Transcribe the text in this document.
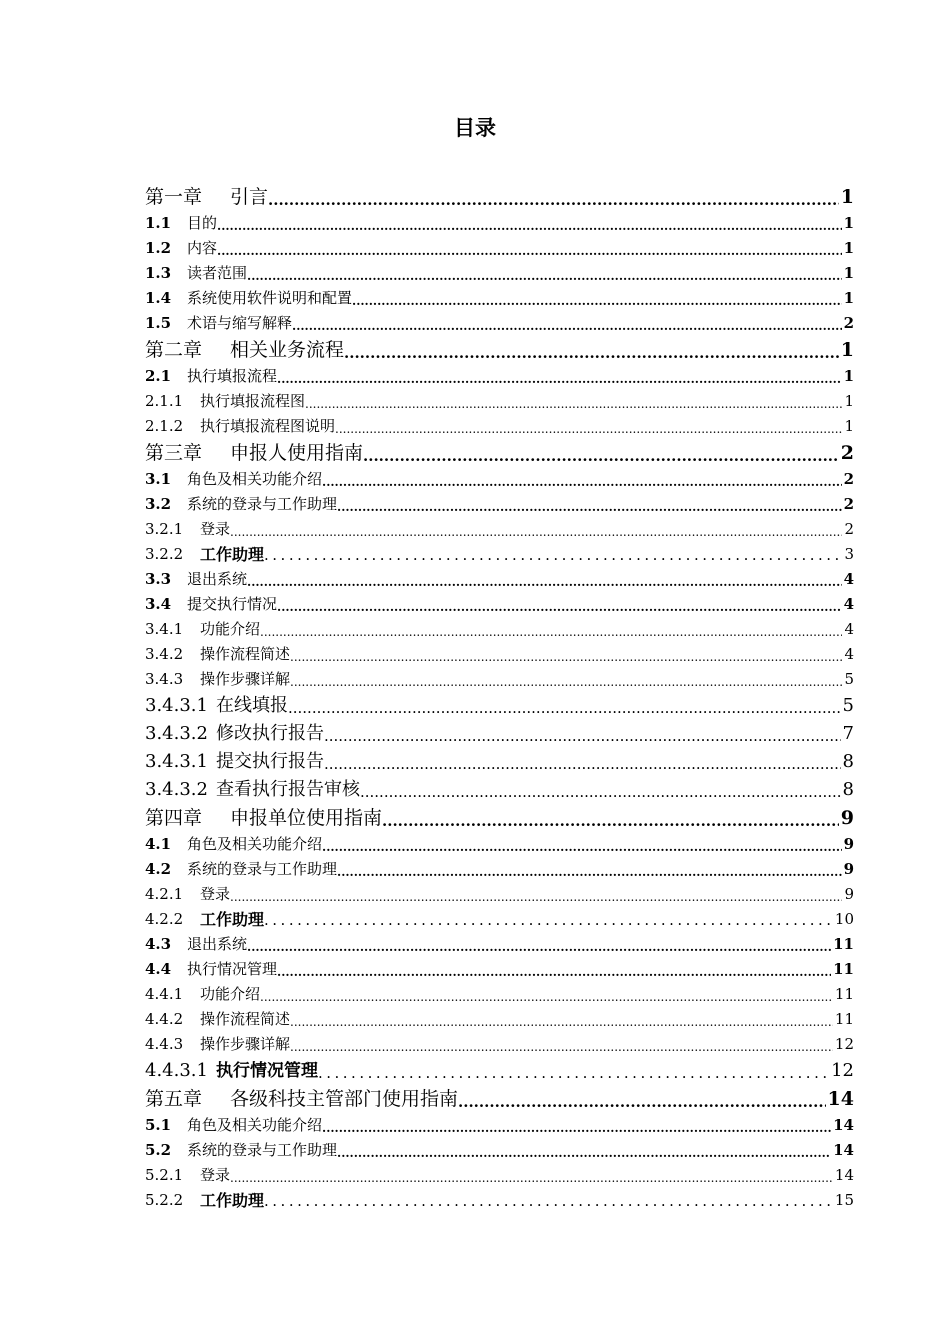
目录
第一章	引言 .....	1
1.1	目的 .....	1
1.2	内容 .....	1
1.3	读者范围 .....	1
1.4	系统使用软件说明和配置 .....	1
1.5	术语与缩写解释 .....	2
第二章	相关业务流程 .....	1
2.1	执行填报流程 .....	1
2.1.1	执行填报流程图 .....	1
2.1.2	执行填报流程图说明 .....	1
第三章	申报人使用指南 .....	2
3.1	角色及相关功能介绍 .....	2
3.2	系统的登录与工作助理 .....	2
3.2.1	登录 .....	2
3.2.2	工作助理 .....	3
3.3	退出系统 .....	4
3.4	提交执行情况 .....	4
3.4.1	功能介绍 .....	4
3.4.2	操作流程简述 .....	4
3.4.3	操作步骤详解 .....	5
3.4.3.1 在线填报 .....	5
3.4.3.2 修改执行报告 .....	7
3.4.3.1 提交执行报告 .....	8
3.4.3.2 查看执行报告审核 .....	8
第四章	申报单位使用指南 .....	9
4.1	角色及相关功能介绍 .....	9
4.2	系统的登录与工作助理 .....	9
4.2.1	登录 .....	9
4.2.2	工作助理 .....	10
4.3	退出系统 .....	11
4.4	执行情况管理 .....	11
4.4.1	功能介绍 .....	11
4.4.2	操作流程简述 .....	11
4.4.3	操作步骤详解 .....	12
4.4.3.1 执行情况管理 .....	12
第五章	各级科技主管部门使用指南 .....	14
5.1	角色及相关功能介绍 .....	14
5.2	系统的登录与工作助理 .....	14
5.2.1	登录 .....	14
5.2.2	工作助理 .....	15
